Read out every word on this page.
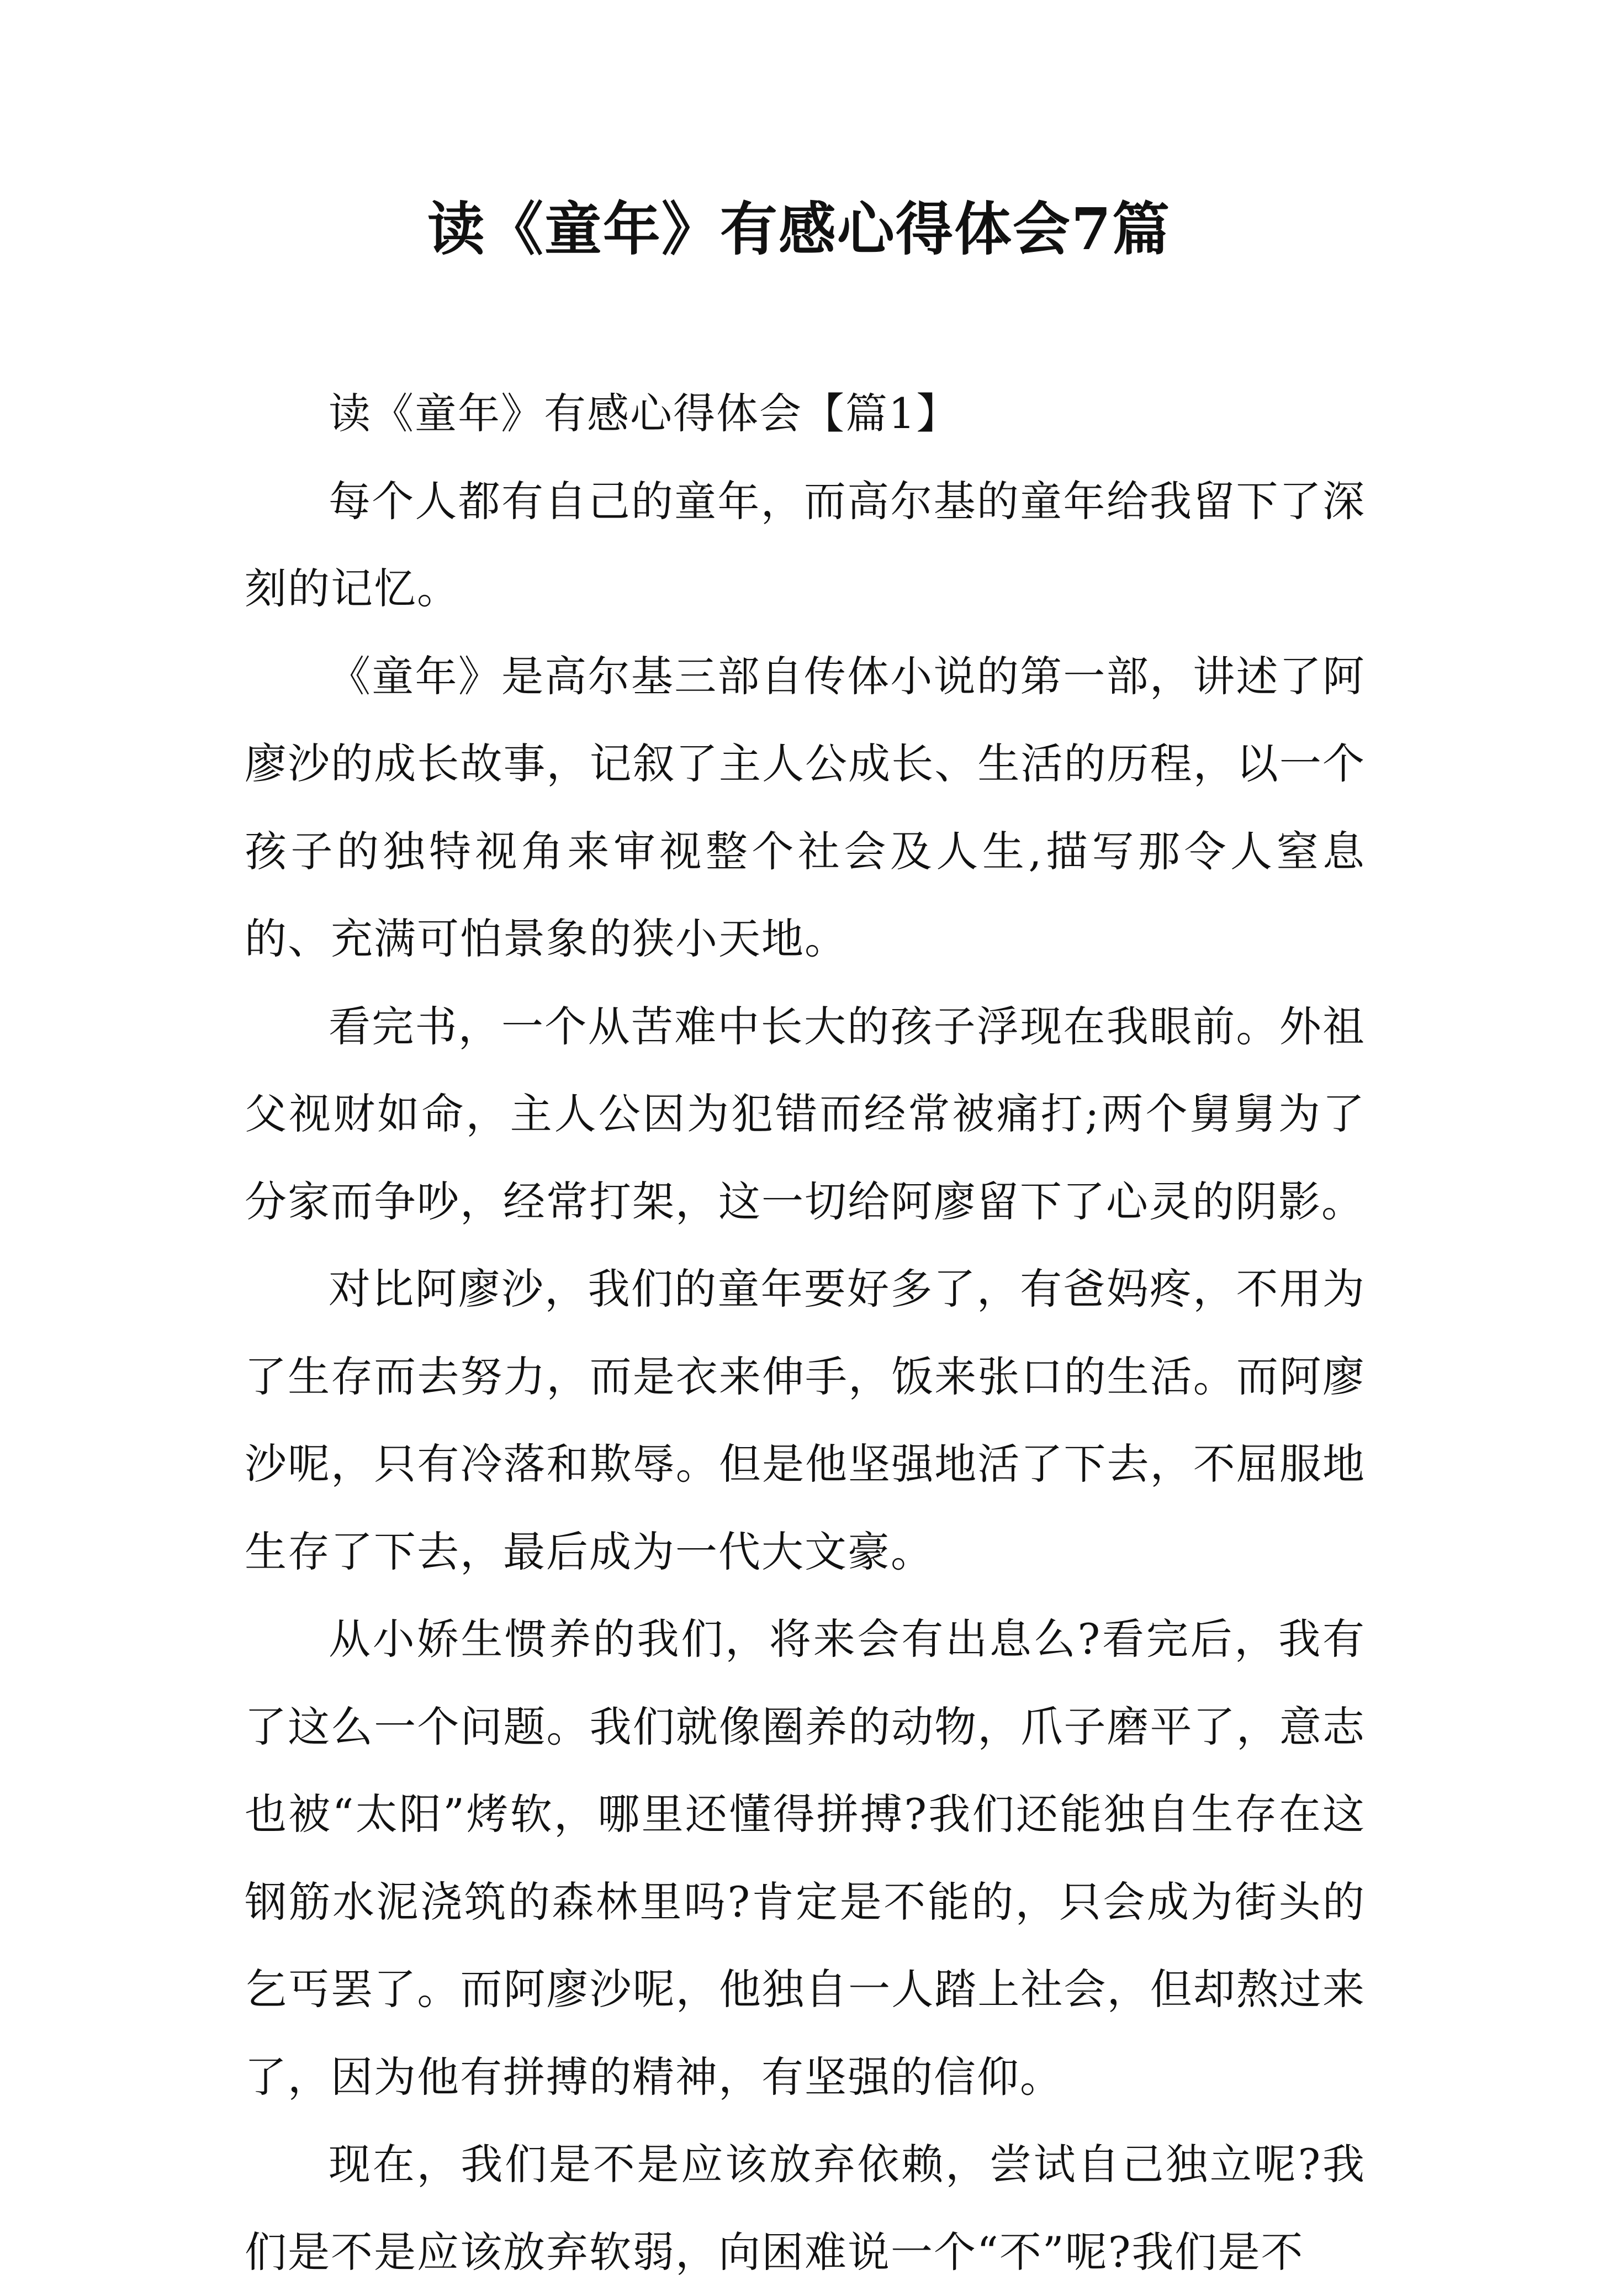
读《童年》有感心得体会7篇

读《童年》有感心得体会【篇1】

每个人都有自己的童年，而高尔基的童年给我留下了深刻的记忆。

《童年》是高尔基三部自传体小说的第一部，讲述了阿廖沙的成长故事，记叙了主人公成长、生活的历程，以一个孩子的独特视角来审视整个社会及人生,描写那令人窒息的、充满可怕景象的狭小天地。

看完书，一个从苦难中长大的孩子浮现在我眼前。外祖父视财如命，主人公因为犯错而经常被痛打;两个舅舅为了分家而争吵，经常打架，这一切给阿廖留下了心灵的阴影。

对比阿廖沙，我们的童年要好多了，有爸妈疼，不用为了生存而去努力，而是衣来伸手，饭来张口的生活。而阿廖沙呢，只有冷落和欺辱。但是他坚强地活了下去，不屈服地生存了下去，最后成为一代大文豪。

从小娇生惯养的我们，将来会有出息么?看完后，我有了这么一个问题。我们就像圈养的动物，爪子磨平了，意志也被“太阳”烤软，哪里还懂得拼搏?我们还能独自生存在这钢筋水泥浇筑的森林里吗?肯定是不能的，只会成为街头的乞丐罢了。而阿廖沙呢，他独自一人踏上社会，但却熬过来了，因为他有拼搏的精神，有坚强的信仰。

现在，我们是不是应该放弃依赖，尝试自己独立呢?我们是不是应该放弃软弱，向困难说一个“不”呢?我们是不
